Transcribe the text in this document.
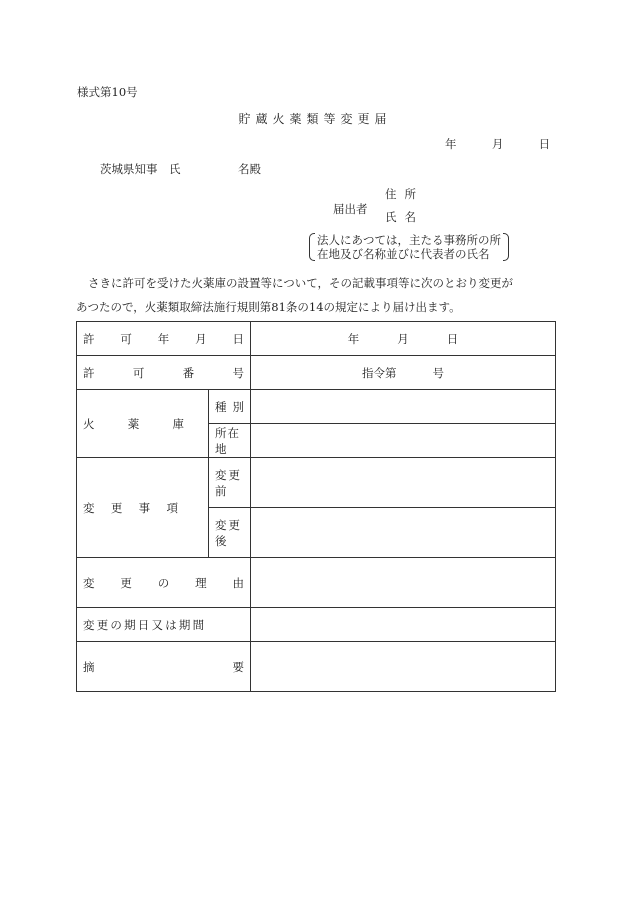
様式第10号
貯蔵火薬類等変更届
年	月	日
茨城県知事　氏　　　　　名殿
届出者
住所
氏名
法人にあつては，主たる事務所の所
在地及び名称並びに代表者の氏名
さきに許可を受けた火薬庫の設置等について，その記載事項等に次のとおり変更が
あつたので，火薬類取締法施行規則第81条の14の規定により届け出ます。
許 可 年 月 日		年 月 日

許 可 番 号		指令第 号

火 薬 庫	種 別	

	所在地	

変 更 事 項	変更前	
	変更後	

変 更 の 理 由		

変更の期日又は期間		

摘 要		
